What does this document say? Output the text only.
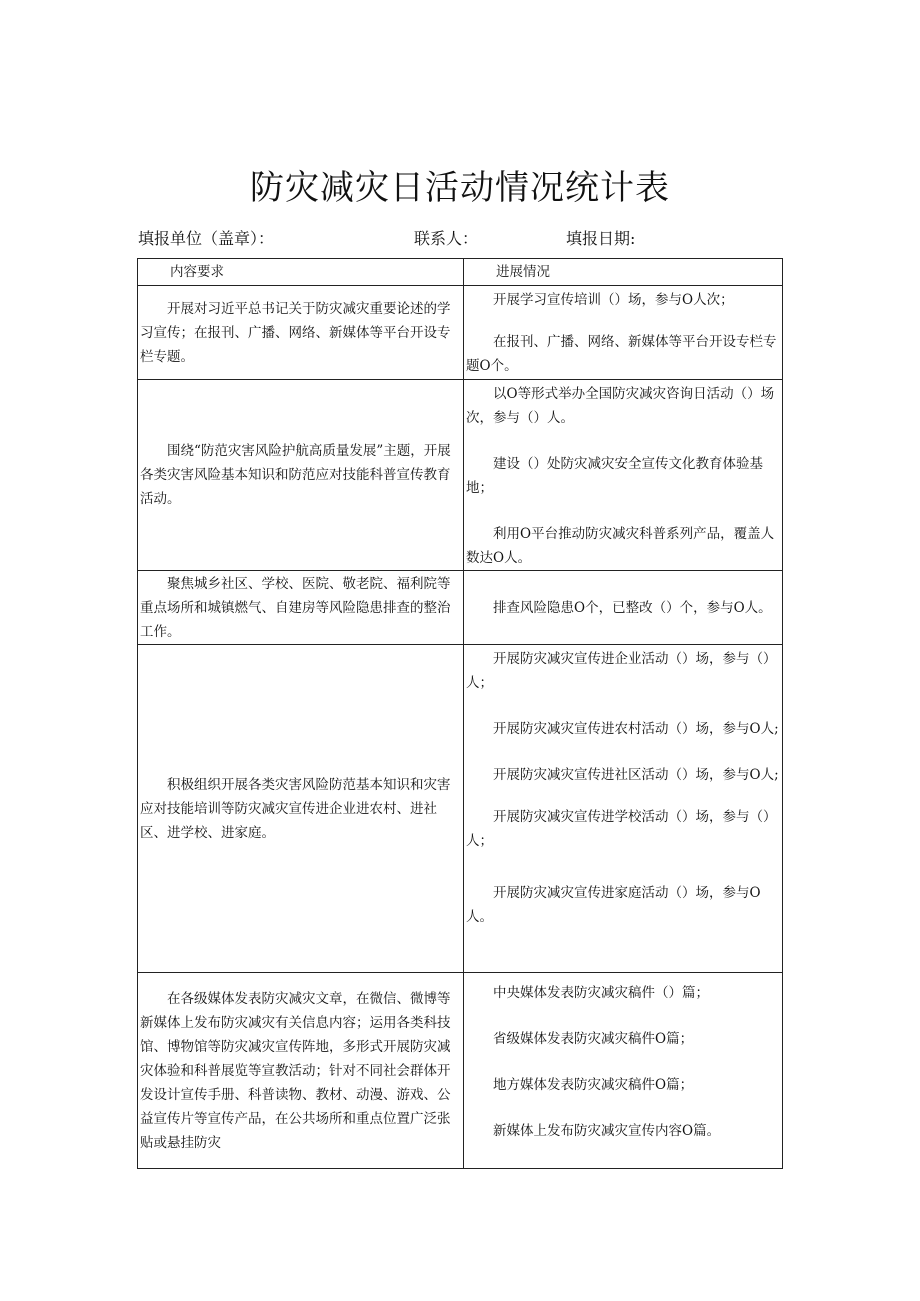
防灾减灾日活动情况统计表
填报单位（盖章）：	联系人：	填报日期:
内容要求	进展情况

开展对习近平总书记关于防灾减灾重要论述的学习宣传；在报刊、广播、网络、新媒体等平台开设专栏专题。	开展学习宣传培训（）场，参与O人次；
在报刊、广播、网络、新媒体等平台开设专栏专题O个。

围绕“防范灾害风险护航高质量发展”主题，开展各类灾害风险基本知识和防范应对技能科普宣传教育活动。	以O等形式举办全国防灾减灾咨询日活动（）场次，参与（）人。
建设（）处防灾减灾安全宣传文化教育体验基地；
利用O平台推动防灾减灾科普系列产品，覆盖人数达O人。

聚焦城乡社区、学校、医院、敬老院、福利院等重点场所和城镇燃气、自建房等风险隐患排查的整治工作。	排查风险隐患O个，已整改（）个，参与O人。

积极组织开展各类灾害风险防范基本知识和灾害应对技能培训等防灾减灾宣传进企业进农村、进社区、进学校、进家庭。	开展防灾减灾宣传进企业活动（）场，参与（）人；
开展防灾减灾宣传进农村活动（）场，参与O人;
开展防灾减灾宣传进社区活动（）场，参与O人;
开展防灾减灾宣传进学校活动（）场，参与（）人；
开展防灾减灾宣传进家庭活动（）场，参与O人。

在各级媒体发表防灾减灾文章，在微信、微博等新媒体上发布防灾减灾有关信息内容；运用各类科技馆、博物馆等防灾减灾宣传阵地，多形式开展防灾减灾体验和科普展览等宣教活动；针对不同社会群体开发设计宣传手册、科普读物、教材、动漫、游戏、公益宣传片等宣传产品，在公共场所和重点位置广泛张贴或悬挂防灾	中央媒体发表防灾减灾稿件（）篇；
省级媒体发表防灾减灾稿件O篇；
地方媒体发表防灾减灾稿件O篇；
新媒体上发布防灾减灾宣传内容O篇。
